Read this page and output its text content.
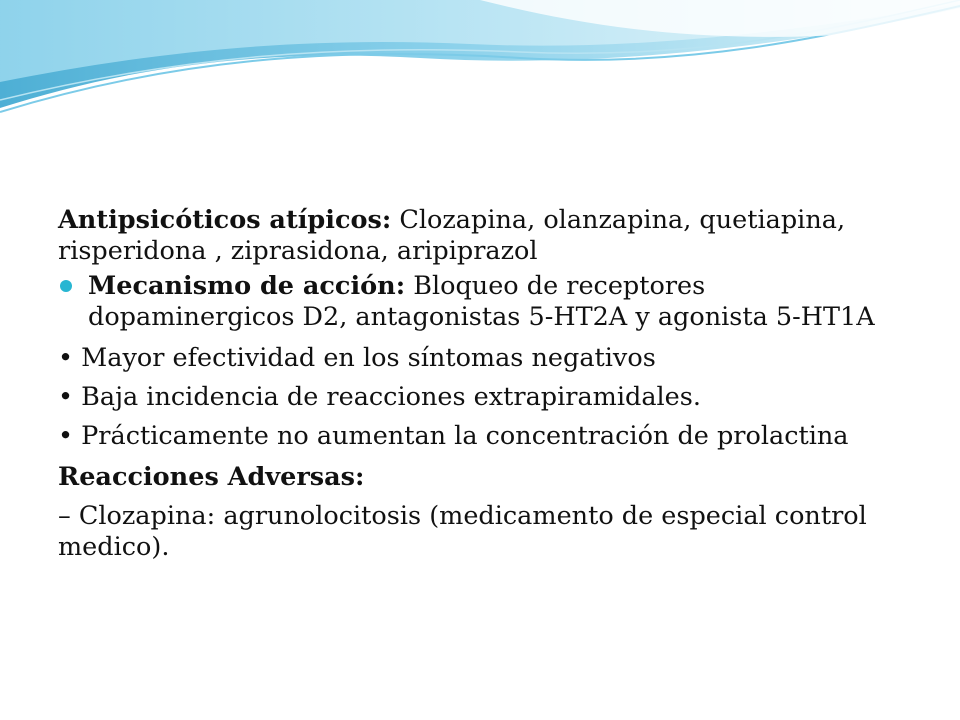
Antipsicóticos atípicos: Clozapina, olanzapina, quetiapina, risperidona , ziprasidona, aripiprazol

Mecanismo de acción: Bloqueo de receptores dopaminergicos D2, antagonistas 5-HT2A y agonista 5-HT1A

• Mayor efectividad en los síntomas negativos

• Baja incidencia de reacciones extrapiramidales.

• Prácticamente no aumentan la concentración de prolactina

Reacciones Adversas:

– Clozapina: agrunolocitosis (medicamento de especial control medico).
